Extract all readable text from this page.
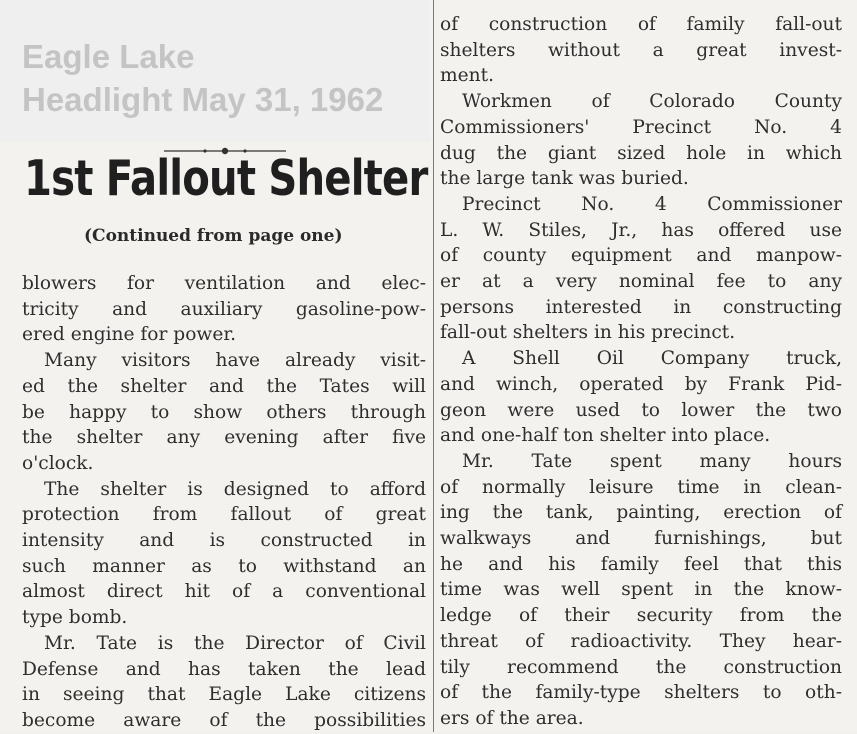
Eagle Lake
Headlight May 31, 1962
1st Fallout Shelter
(Continued from page one)
blowers for ventilation and elec-
tricity and auxiliary gasoline-pow-
ered engine for power.
Many visitors have already visit-
ed the shelter and the Tates will
be happy to show others through
the shelter any evening after five
o'clock.
The shelter is designed to afford
protection from fallout of great
intensity and is constructed in
such manner as to withstand an
almost direct hit of a conventional
type bomb.
Mr. Tate is the Director of Civil
Defense and has taken the lead
in seeing that Eagle Lake citizens
become aware of the possibilities
of construction of family fall-out
shelters without a great invest-
ment.
Workmen of Colorado County
Commissioners' Precinct No. 4
dug the giant sized hole in which
the large tank was buried.
Precinct No. 4 Commissioner
L. W. Stiles, Jr., has offered use
of county equipment and manpow-
er at a very nominal fee to any
persons interested in constructing
fall-out shelters in his precinct.
A Shell Oil Company truck,
and winch, operated by Frank Pid-
geon were used to lower the two
and one-half ton shelter into place.
Mr. Tate spent many hours
of normally leisure time in clean-
ing the tank, painting, erection of
walkways and furnishings, but
he and his family feel that this
time was well spent in the know-
ledge of their security from the
threat of radioactivity. They hear-
tily recommend the construction
of the family-type shelters to oth-
ers of the area.
